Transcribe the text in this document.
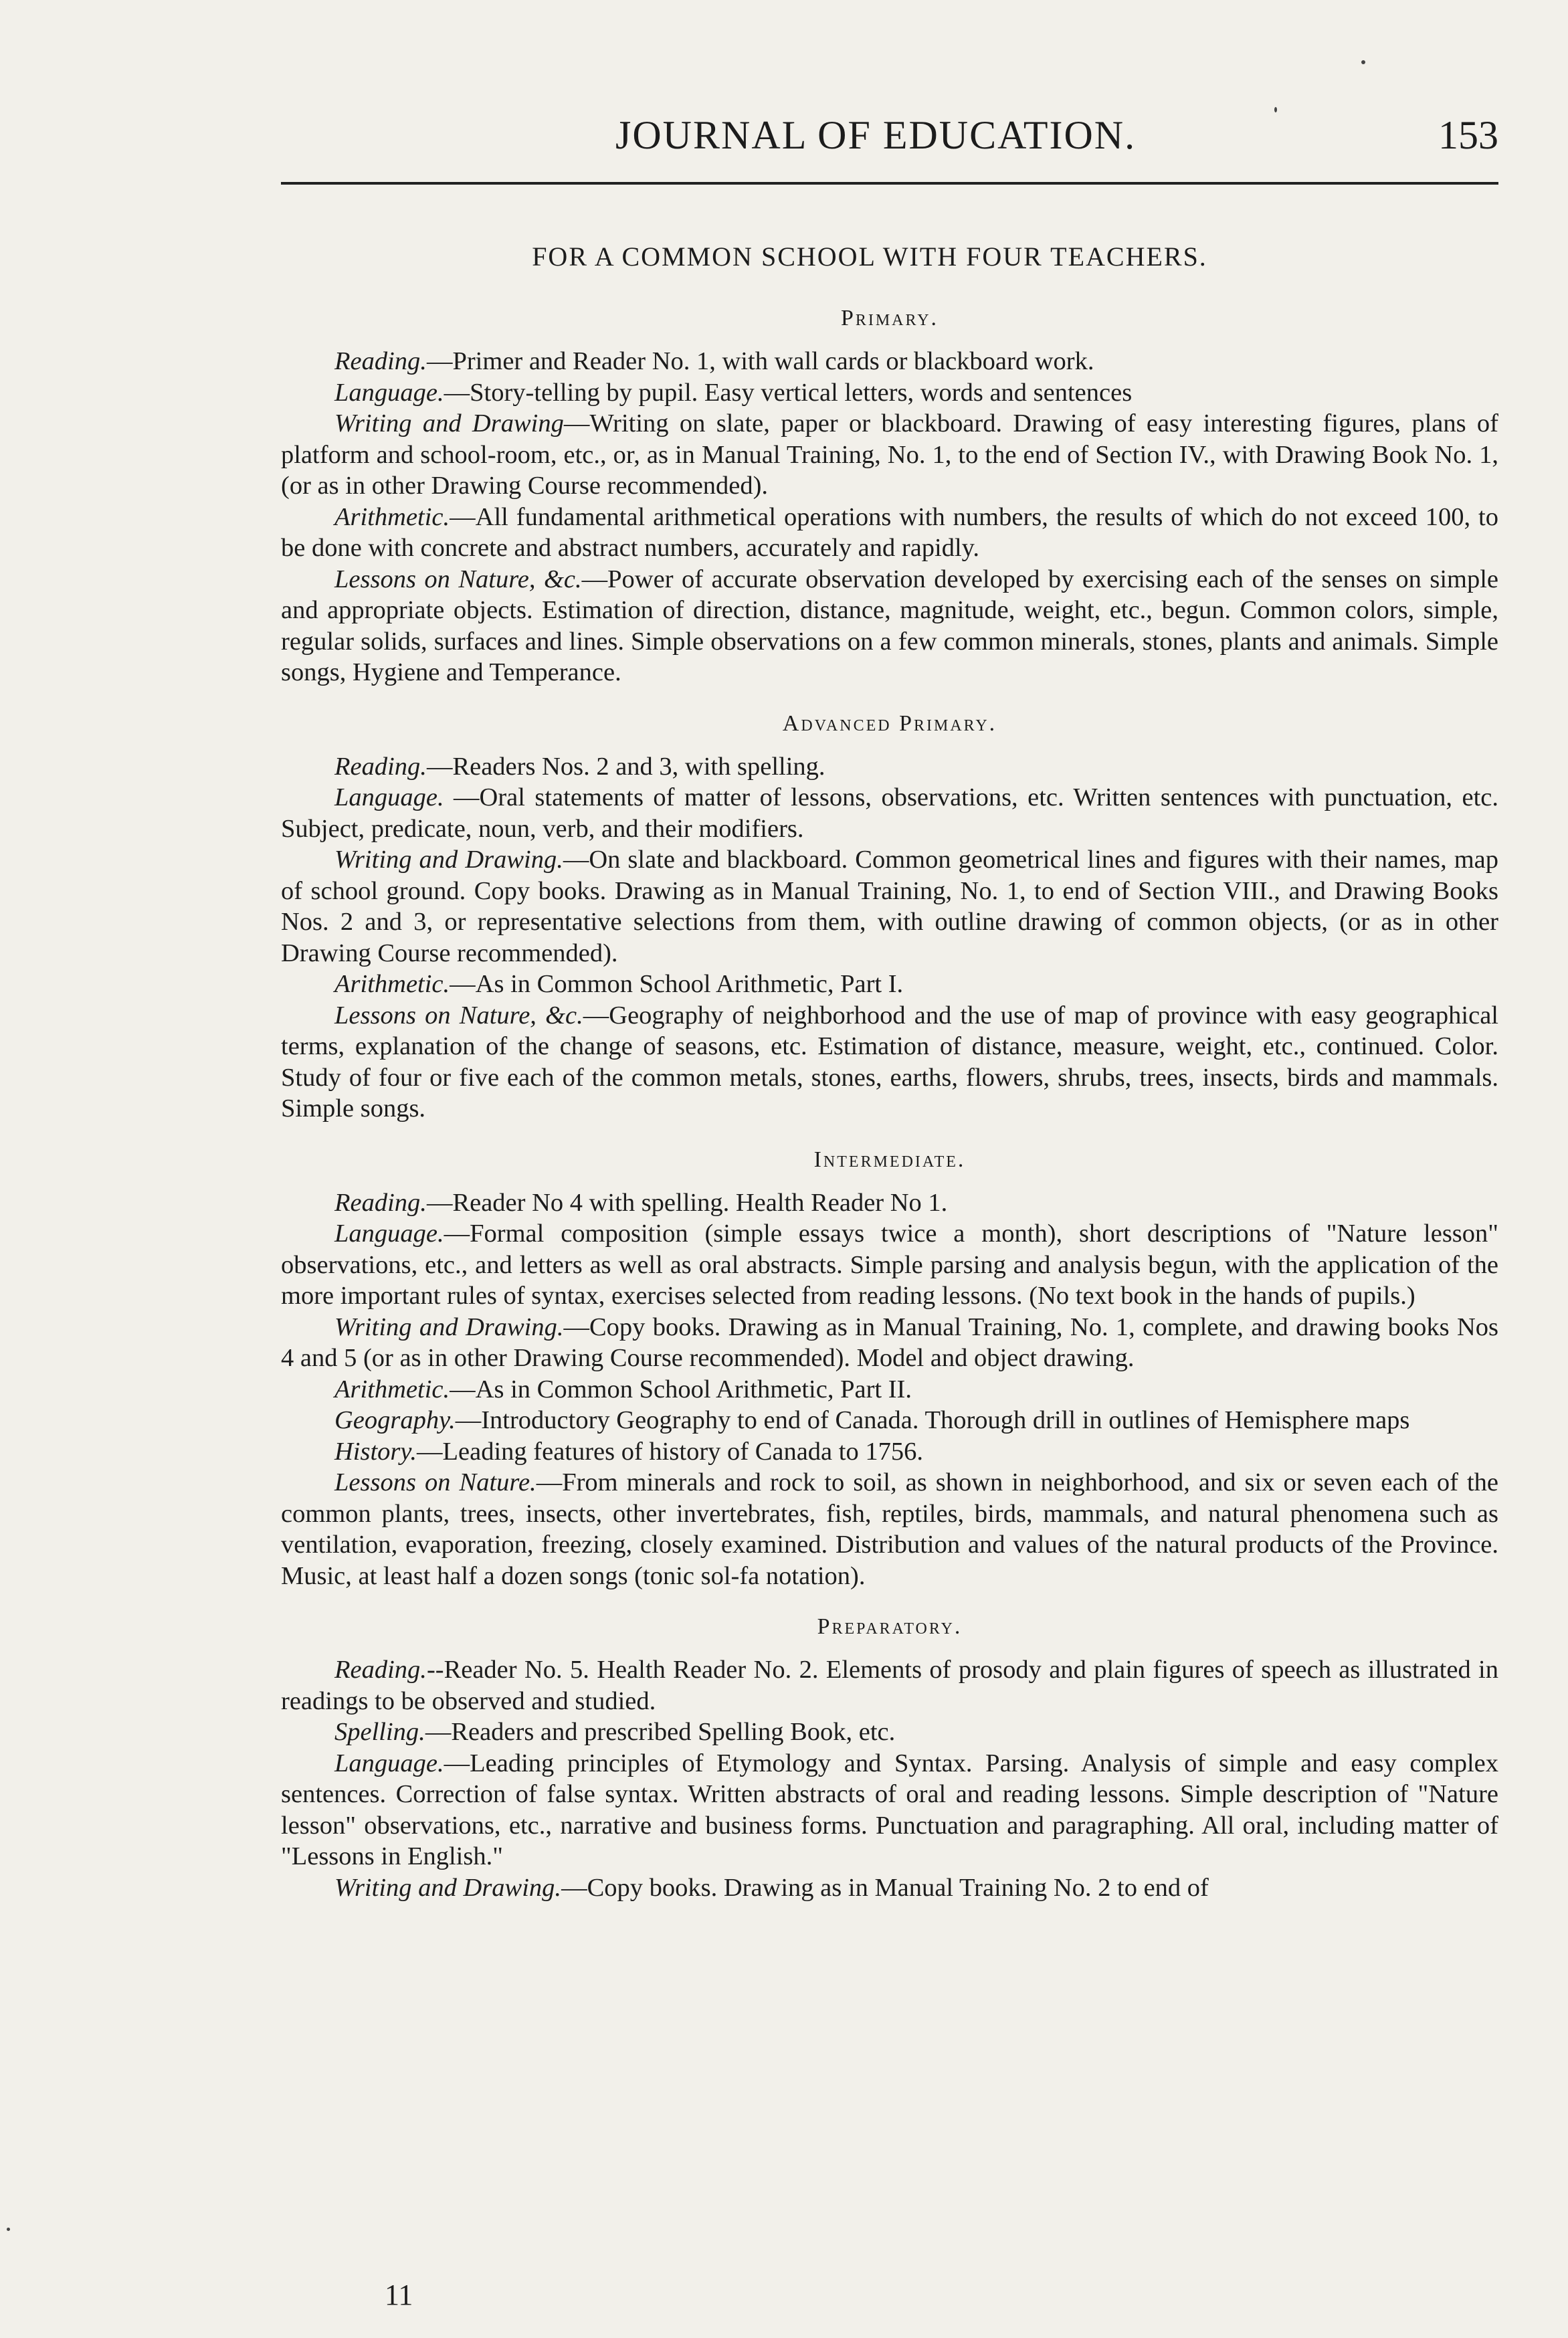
JOURNAL OF EDUCATION.	153
FOR A COMMON SCHOOL WITH FOUR TEACHERS.
Primary.

Reading.—Primer and Reader No. 1, with wall cards or blackboard work.

Language.—Story-telling by pupil. Easy vertical letters, words and sentences

Writing and Drawing—Writing on slate, paper or blackboard. Drawing of easy interesting figures, plans of platform and school-room, etc., or, as in Manual Training, No. 1, to the end of Section IV., with Drawing Book No. 1, (or as in other Drawing Course recommended).

Arithmetic.—All fundamental arithmetical operations with numbers, the results of which do not exceed 100, to be done with concrete and abstract numbers, accurately and rapidly.

Lessons on Nature, &c.—Power of accurate observation developed by exercising each of the senses on simple and appropriate objects. Estimation of direction, distance, magnitude, weight, etc., begun. Common colors, simple, regular solids, surfaces and lines. Simple observations on a few common minerals, stones, plants and animals. Simple songs, Hygiene and Temperance.

Advanced Primary.

Reading.—Readers Nos. 2 and 3, with spelling.

Language. —Oral statements of matter of lessons, observations, etc. Written sentences with punctuation, etc. Subject, predicate, noun, verb, and their modifiers.

Writing and Drawing.—On slate and blackboard. Common geometrical lines and figures with their names, map of school ground. Copy books. Drawing as in Manual Training, No. 1, to end of Section VIII., and Drawing Books Nos. 2 and 3, or representative selections from them, with outline drawing of common objects, (or as in other Drawing Course recommended).

Arithmetic.—As in Common School Arithmetic, Part I.

Lessons on Nature, &c.—Geography of neighborhood and the use of map of province with easy geographical terms, explanation of the change of seasons, etc. Estimation of distance, measure, weight, etc., continued. Color. Study of four or five each of the common metals, stones, earths, flowers, shrubs, trees, insects, birds and mammals. Simple songs.

Intermediate.

Reading.—Reader No 4 with spelling. Health Reader No 1.

Language.—Formal composition (simple essays twice a month), short descriptions of "Nature lesson" observations, etc., and letters as well as oral abstracts. Simple parsing and analysis begun, with the application of the more important rules of syntax, exercises selected from reading lessons. (No text book in the hands of pupils.)

Writing and Drawing.—Copy books. Drawing as in Manual Training, No. 1, complete, and drawing books Nos 4 and 5 (or as in other Drawing Course recommended). Model and object drawing.

Arithmetic.—As in Common School Arithmetic, Part II.

Geography.—Introductory Geography to end of Canada. Thorough drill in outlines of Hemisphere maps

History.—Leading features of history of Canada to 1756.

Lessons on Nature.—From minerals and rock to soil, as shown in neighborhood, and six or seven each of the common plants, trees, insects, other invertebrates, fish, reptiles, birds, mammals, and natural phenomena such as ventilation, evaporation, freezing, closely examined. Distribution and values of the natural products of the Province. Music, at least half a dozen songs (tonic sol-fa notation).

Preparatory.

Reading.--Reader No. 5. Health Reader No. 2. Elements of prosody and plain figures of speech as illustrated in readings to be observed and studied.

Spelling.—Readers and prescribed Spelling Book, etc.

Language.—Leading principles of Etymology and Syntax. Parsing. Analysis of simple and easy complex sentences. Correction of false syntax. Written abstracts of oral and reading lessons. Simple description of "Nature lesson" observations, etc., narrative and business forms. Punctuation and paragraphing. All oral, including matter of "Lessons in English."

Writing and Drawing.—Copy books. Drawing as in Manual Training No. 2 to end of

11
